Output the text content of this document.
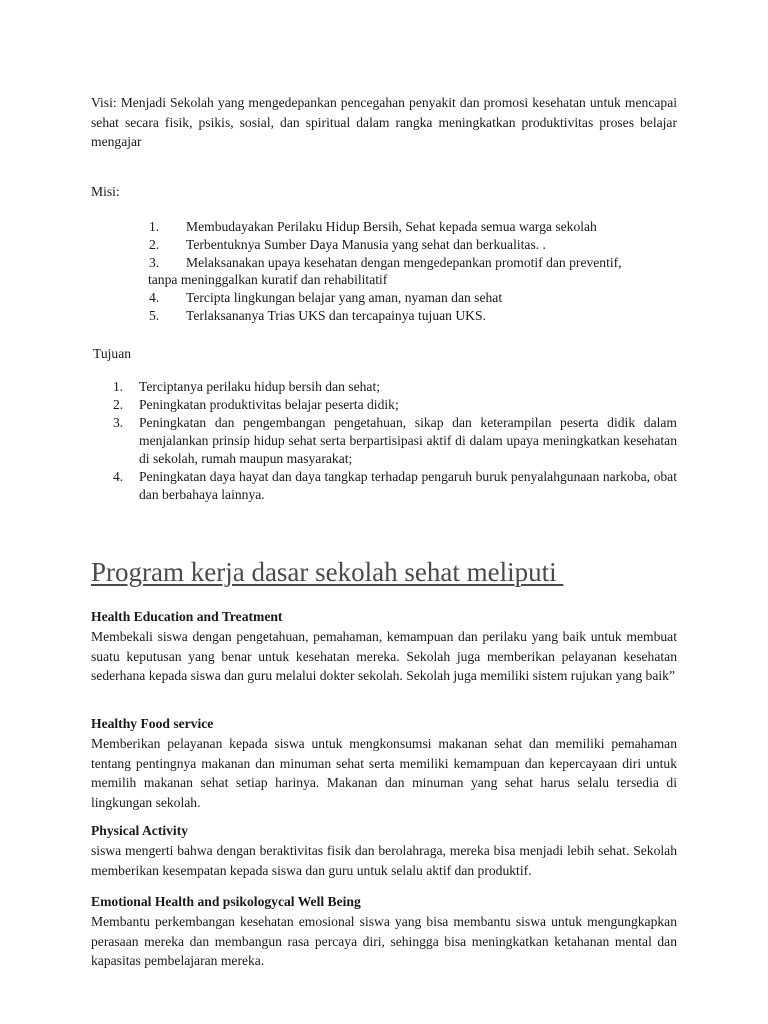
Visi: Menjadi Sekolah yang mengedepankan pencegahan penyakit dan promosi kesehatan untuk mencapai sehat secara fisik, psikis, sosial, dan spiritual dalam rangka meningkatkan produktivitas proses belajar mengajar

Misi:
1. Membudayakan Perilaku Hidup Bersih, Sehat kepada semua warga sekolah
2. Terbentuknya Sumber Daya Manusia yang sehat dan berkualitas. .
3. Melaksanakan upaya kesehatan dengan mengedepankan promotif dan preventif,
tanpa meninggalkan kuratif dan rehabilitatif
4. Tercipta lingkungan belajar yang aman, nyaman dan sehat
5. Terlaksananya Trias UKS dan tercapainya tujuan UKS.
Tujuan
1. Terciptanya perilaku hidup bersih dan sehat;
2. Peningkatan produktivitas belajar peserta didik;
3. Peningkatan dan pengembangan pengetahuan, sikap dan keterampilan peserta didik dalam menjalankan prinsip hidup sehat serta berpartisipasi aktif di dalam upaya meningkatkan kesehatan di sekolah, rumah maupun masyarakat;
4. Peningkatan daya hayat dan daya tangkap terhadap pengaruh buruk penyalahgunaan narkoba, obat dan berbahaya lainnya.
Program kerja dasar sekolah sehat meliputi
Health Education and Treatment

Membekali siswa dengan pengetahuan, pemahaman, kemampuan dan perilaku yang baik untuk membuat suatu keputusan yang benar untuk kesehatan mereka. Sekolah juga memberikan pelayanan kesehatan sederhana kepada siswa dan guru melalui dokter sekolah. Sekolah juga memiliki sistem rujukan yang baik”

Healthy Food service

Memberikan pelayanan kepada siswa untuk mengkonsumsi makanan sehat dan memiliki pemahaman tentang pentingnya makanan dan minuman sehat serta memiliki kemampuan dan kepercayaan diri untuk memilih makanan sehat setiap harinya. Makanan dan minuman yang sehat harus selalu tersedia di lingkungan sekolah.

Physical Activity

siswa mengerti bahwa dengan beraktivitas fisik dan berolahraga, mereka bisa menjadi lebih sehat. Sekolah memberikan kesempatan kepada siswa dan guru untuk selalu aktif dan produktif.

Emotional Health and psikologycal Well Being

Membantu perkembangan kesehatan emosional siswa yang bisa membantu siswa untuk mengungkapkan perasaan mereka dan membangun rasa percaya diri, sehingga bisa meningkatkan ketahanan mental dan kapasitas pembelajaran mereka.
